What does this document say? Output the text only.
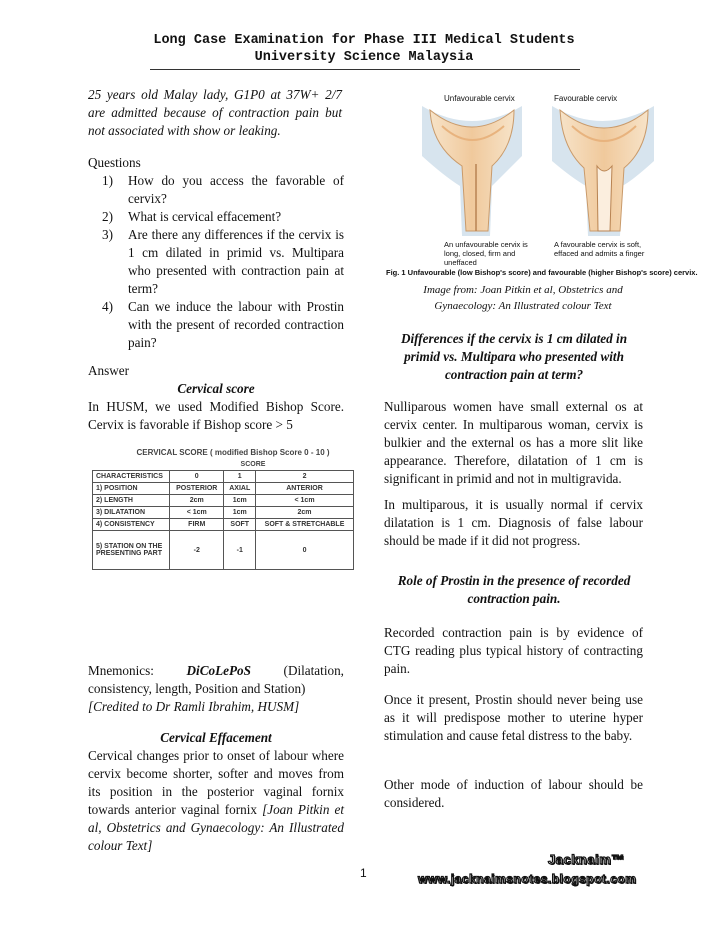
Long Case Examination for Phase III Medical Students
University Science Malaysia
25 years old Malay lady, G1P0 at 37W+ 2/7 are admitted because of contraction pain but not associated with show or leaking.
Questions
1) How do you access the favorable of cervix?
2) What is cervical effacement?
3) Are there any differences if the cervix is 1 cm dilated in primid vs. Multipara who presented with contraction pain at term?
4) Can we induce the labour with Prostin with the present of recorded contraction pain?
Answer
Cervical score
In HUSM, we used Modified Bishop Score. Cervix is favorable if Bishop score > 5
CERVICAL SCORE ( modified Bishop Score 0 - 10 )
SCORE
CHARACTERISTICS	0	1	2
1) POSITION	POSTERIOR	AXIAL	ANTERIOR
2) LENGTH	2cm	1cm	< 1cm
3) DILATATION	< 1cm	1cm	2cm
4) CONSISTENCY	FIRM	SOFT	SOFT & STRETCHABLE
5) STATION ON THE PRESENTING PART	-2	-1	0
Mnemonics: DiCoLePoS (Dilatation,
consistency, length, Position and Station)
[Credited to Dr Ramli Ibrahim, HUSM]
Cervical Effacement
Cervical changes prior to onset of labour where cervix become shorter, softer and moves from its position in the posterior vaginal fornix towards anterior vaginal fornix [Joan Pitkin et al, Obstetrics and Gynaecology: An Illustrated colour Text]
Unfavourable cervix	Favourable cervix
An unfavourable cervix is long, closed, firm and uneffaced
A favourable cervix is soft, effaced and admits a finger
Fig. 1 Unfavourable (low Bishop's score) and favourable (higher Bishop's score) cervix.
Image from: Joan Pitkin et al, Obstetrics and
Gynaecology: An Illustrated colour Text
Differences if the cervix is 1 cm dilated in primid vs. Multipara who presented with contraction pain at term?
Nulliparous women have small external os at cervix center. In multiparous woman, cervix is bulkier and the external os has a more slit like appearance. Therefore, dilatation of 1 cm is significant in primid and not in multigravida.
In multiparous, it is usually normal if cervix dilatation is 1 cm. Diagnosis of false labour should be made if it did not progress.
Role of Prostin in the presence of recorded contraction pain.
Recorded contraction pain is by evidence of CTG reading plus typical history of contracting pain.
Once it present, Prostin should never being use as it will predispose mother to uterine hyper stimulation and cause fetal distress to the baby.
Other mode of induction of labour should be considered.
1
Jacknaim™
www.jacknaimsnotes.blogspot.com
